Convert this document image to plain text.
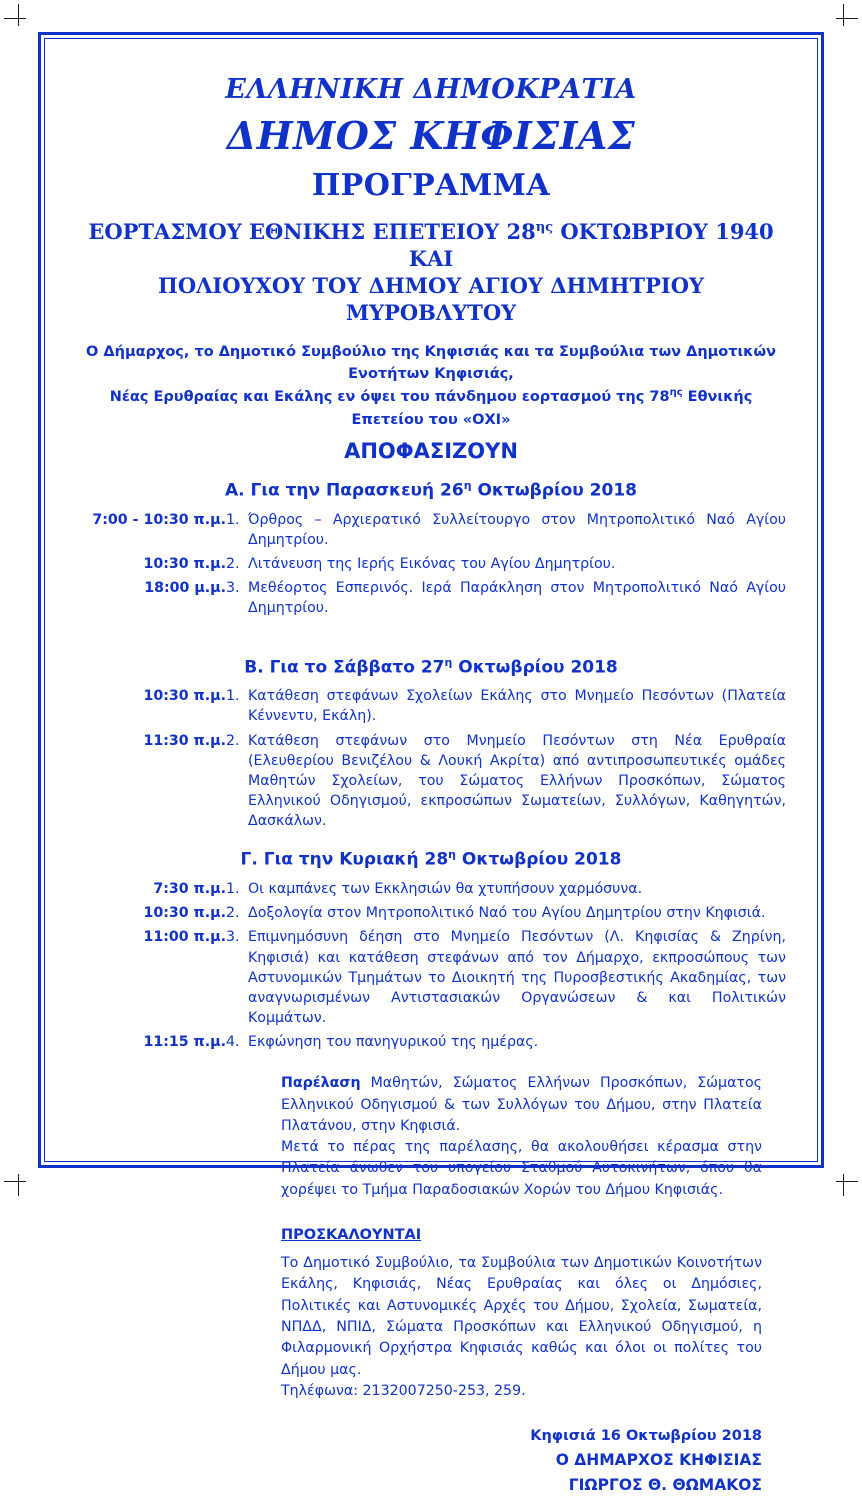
ΕΛΛΗΝΙΚΗ ΔΗΜΟΚΡΑΤΙΑ
ΔΗΜΟΣ ΚΗΦΙΣΙΑΣ
ΠΡΟΓΡΑΜΜΑ
ΕΟΡΤΑΣΜΟΥ ΕΘΝΙΚΗΣ ΕΠΕΤΕΙΟΥ $28^{\eta\varsigma}$ ΟΚΤΩΒΡΙΟΥ 1940 ΚΑΙ
ΠΟΛΙΟΥΧΟΥ ΤΟΥ ΔΗΜΟΥ ΑΓΙΟΥ ΔΗΜΗΤΡΙΟΥ ΜΥΡΟΒΛΥΤΟΥ
Ο Δήμαρχος, το Δημοτικό Συμβούλιο της Κηφισιάς και τα Συμβούλια των Δημοτικών Ενοτήτων Κηφισιάς,
Νέας Ερυθραίας και Εκάλης εν όψει του πάνδημου εορτασμού της $78^{\eta\varsigma}$ Εθνικής Επετείου του «ΟΧΙ»
ΑΠΟΦΑΣΙΖΟΥΝ
Α. Για την Παρασκευή $26^\eta$ Οκτωβρίου 2018
7:00 - 10:30 π.μ.	1.	Όρθρος – Αρχιερατικό Συλλείτουργο στον Μητροπολιτικό Ναό Αγίου Δημητρίου.
10:30 π.μ.	2.	Λιτάνευση της Ιερής Εικόνας του Αγίου Δημητρίου.
18:00 μ.μ.	3.	Μεθέορτος Εσπερινός. Ιερά Παράκληση στον Μητροπολιτικό Ναό Αγίου Δημητρίου.
Β. Για το Σάββατο $27^\eta$ Οκτωβρίου 2018
10:30 π.μ.	1.	Κατάθεση στεφάνων Σχολείων Εκάλης στο Μνημείο Πεσόντων (Πλατεία Κέννεντυ, Εκάλη).
11:30 π.μ.	2.	Κατάθεση στεφάνων στο Μνημείο Πεσόντων στη Νέα Ερυθραία (Ελευθερίου Βενιζέλου & Λουκή Ακρίτα) από αντιπροσωπευτικές ομάδες Μαθητών Σχολείων, του Σώματος Ελλήνων Προσκόπων, Σώματος Ελληνικού Οδηγισμού, εκπροσώπων Σωματείων, Συλλόγων, Καθηγητών, Δασκάλων.
Γ. Για την Κυριακή $28^\eta$ Οκτωβρίου 2018
7:30 π.μ.	1.	Οι καμπάνες των Εκκλησιών θα χτυπήσουν χαρμόσυνα.
10:30 π.μ.	2.	Δοξολογία στον Μητροπολιτικό Ναό του Αγίου Δημητρίου στην Κηφισιά.
11:00 π.μ.	3.	Επιμνημόσυνη δέηση στο Μνημείο Πεσόντων (Λ. Κηφισίας & Ζηρίνη, Κηφισιά) και κατάθεση στεφάνων από τον Δήμαρχο, εκπροσώπους των Αστυνομικών Τμημάτων το Διοικητή της Πυροσβεστικής Ακαδημίας, των αναγνωρισμένων Αντιστασιακών Οργανώσεων & και Πολιτικών Κομμάτων.
11:15 π.μ.	4.	Εκφώνηση του πανηγυρικού της ημέρας.
Παρέλαση Μαθητών, Σώματος Ελλήνων Προσκόπων, Σώματος Ελληνικού Οδηγισμού & των Συλλόγων του Δήμου, στην Πλατεία Πλατάνου, στην Κηφισιά.
Μετά το πέρας της παρέλασης, θα ακολουθήσει κέρασμα στην Πλατεία άνωθεν του υπογείου Σταθμού Αυτοκινήτων, όπου θα χορέψει το Τμήμα Παραδοσιακών Χορών του Δήμου Κηφισιάς.
ΠΡΟΣΚΑΛΟΥΝΤΑΙ
Το Δημοτικό Συμβούλιο, τα Συμβούλια των Δημοτικών Κοινοτήτων Εκάλης, Κηφισιάς, Νέας Ερυθραίας και όλες οι Δημόσιες, Πολιτικές και Αστυνομικές Αρχές του Δήμου, Σχολεία, Σωματεία, ΝΠΔΔ, ΝΠΙΔ, Σώματα Προσκόπων και Ελληνικού Οδηγισμού, η Φιλαρμονική Ορχήστρα Κηφισιάς καθώς και όλοι οι πολίτες του Δήμου μας.
Τηλέφωνα: 2132007250-253, 259.
Κηφισιά 16 Οκτωβρίου 2018
Ο ΔΗΜΑΡΧΟΣ ΚΗΦΙΣΙΑΣ
ΓΙΩΡΓΟΣ Θ. ΘΩΜΑΚΟΣ
